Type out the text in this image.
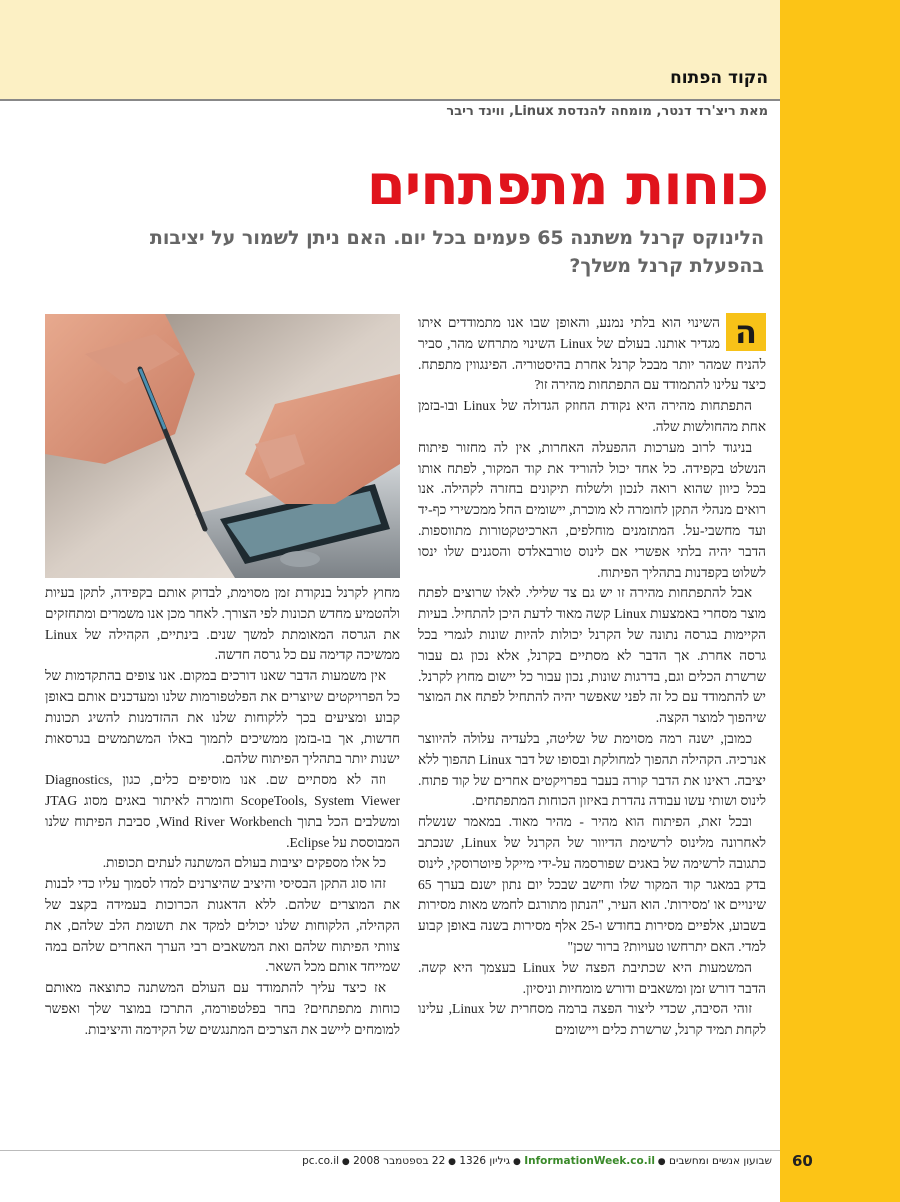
הקוד הפתוח
מאת ריצ'רד דנטר, מומחה להנדסת Linux, ווינד ריבר
כוחות מתפתחים
הלינוקס קרנל משתנה 65 פעמים בכל יום. האם ניתן לשמור על יציבות בהפעלת קרנל משלך?
ה

השינוי הוא בלתי נמנע, והאופן שבו אנו מתמודדים איתו מגדיר אותנו. בעולם של Linux השינוי מתרחש מהר, סביר להניח שמהר יותר מבכל קרנל אחרת בהיסטוריה. הפינגווין מתפתח. כיצד עלינו להתמודד עם התפתחות מהירה זו?

התפתחות מהירה היא נקודת החוזק הגדולה של Linux ובו-בזמן אחת מהחולשות שלה.

בניגוד לרוב מערכות ההפעלה האחרות, אין לה מחזור פיתוח הנשלט בקפידה. כל אחד יכול להוריד את קוד המקור, לפתח אותו בכל כיוון שהוא רואה לנכון ולשלוח תיקונים בחזרה לקהילה. אנו רואים מנהלי התקן לחומרה לא מוכרת, יישומים החל ממכשירי כף-יד ועד מחשבי-על. המתזמנים מוחלפים, הארכיטקטורות מתווספות. הדבר יהיה בלתי אפשרי אם לינוס טורבאלדס והסגנים שלו ינסו לשלוט בקפדנות בתהליך הפיתוח.

אבל להתפתחות מהירה זו יש גם צד שלילי. לאלו שרוצים לפתח מוצר מסחרי באמצעות Linux קשה מאוד לדעת היכן להתחיל. בעיות הקיימות בגרסה נתונה של הקרנל יכולות להיות שונות לגמרי בכל גרסה אחרת. אך הדבר לא מסתיים בקרנל, אלא נכון גם עבור שרשרת הכלים וגם, בדרגות שונות, נכון עבור כל יישום מחוץ לקרנל. יש להתמודד עם כל זה לפני שאפשר יהיה להתחיל לפתח את המוצר שיהפוך למוצר הקצה.

כמובן, ישנה רמה מסוימת של שליטה, בלעדיה עלולה להיווצר אנרכיה. הקהילה תהפוך למחולקת ובסופו של דבר Linux תהפוך ללא יציבה. ראינו את הדבר קורה בעבר בפרויקטים אחרים של קוד פתוח. לינוס ושותי עשו עבודה נהדרת באיזון הכוחות המתפתחים.

ובכל זאת, הפיתוח הוא מהיר - מהיר מאוד. במאמר שנשלח לאחרונה מלינוס לרשימת הדיוור של הקרנל של Linux, שנכתב כתגובה לרשימה של באגים שפורסמה על-ידי מייקל פיוטרוסקי, לינוס בדק במאגר קוד המקור שלו וחישב שבכל יום נתון ישנם בערך 65 שינויים או 'מסירות'. הוא העיר, "הנתון מתורגם לחמש מאות מסירות בשבוע, אלפיים מסירות בחודש ו-25 אלף מסירות בשנה באופן קבוע למדי. האם יתרחשו טעויות? ברור שכן"

המשמעות היא שכתיבת הפצה של Linux בעצמך היא קשה. הדבר דורש זמן ומשאבים ודורש מומחיות וניסיון.

זוהי הסיבה, שכדי ליצור הפצה ברמה מסחרית של Linux, עלינו לקחת תמיד קרנל, שרשרת כלים ויישומים

מחוץ לקרנל בנקודת זמן מסוימת, לבדוק אותם בקפידה, לתקן בעיות ולהטמיע מחדש תכונות לפי הצורך. לאחר מכן אנו משמרים ומתחזקים את הגרסה המאומתת למשך שנים. בינתיים, הקהילה של Linux ממשיכה קדימה עם כל גרסה חדשה.

אין משמעות הדבר שאנו דורכים במקום. אנו צופים בהתקדמות של כל הפרויקטים שיוצרים את הפלטפורמות שלנו ומעדכנים אותם באופן קבוע ומציעים בכך ללקוחות שלנו את ההזדמנות להשיג תכונות חדשות, אך בו-בזמן ממשיכים לתמוך באלו המשתמשים בגרסאות ישנות יותר בתהליך הפיתוח שלהם.

וזה לא מסתיים שם. אנו מוסיפים כלים, כגון Diagnostics, ScopeTools, System Viewer וחומרה לאיתור באגים מסוג JTAG ומשלבים הכל בתוך Wind River Workbench, סביבת הפיתוח שלנו המבוססת על Eclipse.

כל אלו מספקים יציבות בעולם המשתנה לעתים תכופות.

זהו סוג התקן הבסיסי והיציב שהיצרנים למדו לסמוך עליו כדי לבנות את המוצרים שלהם. ללא הדאגות הכרוכות בעמידה בקצב של הקהילה, הלקוחות שלנו יכולים למקד את תשומת הלב שלהם, את צוותי הפיתוח שלהם ואת המשאבים רבי הערך האחרים שלהם במה שמייחד אותם מכל השאר.

אז כיצד עליך להתמודד עם העולם המשתנה כתוצאה מאותם כוחות מתפתחים? בחר בפלטפורמה, התרכז במוצר שלך ואפשר למומחים ליישב את הצרכים המתנגשים של הקידמה והיציבות.

שבועון אנשים ומחשבים ● InformationWeek.co.il ● גיליון 1326 ● 22 בספטמבר 2008 ● pc.co.il	60
